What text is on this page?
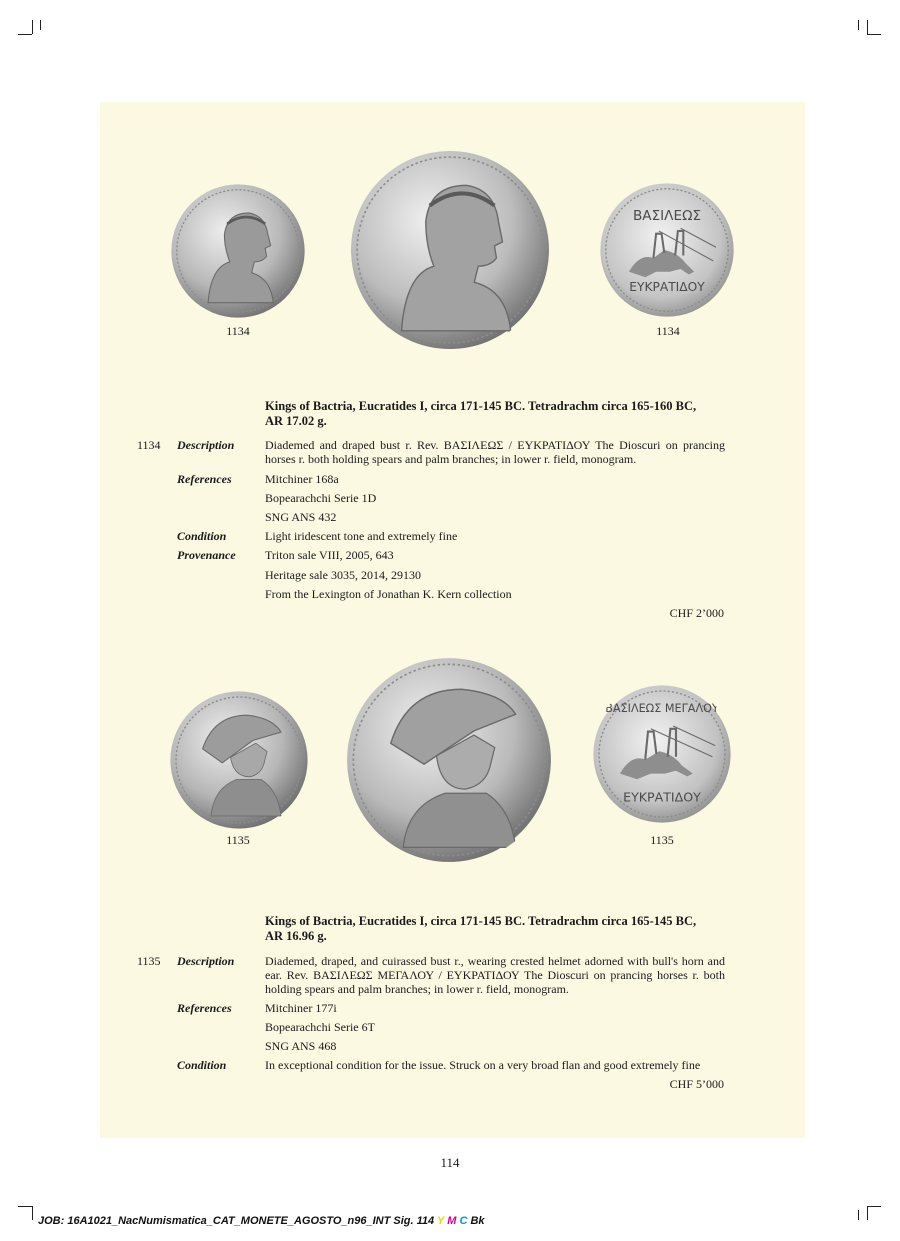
ΒΑΣΙΛΕΩΣ
ΕΥΚΡΑΤΙΔΟΥ
1134	1134
Kings of Bactria, Eucratides I, circa 171-145 BC. Tetradrachm circa 165-160 BC,
AR 17.02 g.
1134 Description	Diademed and draped bust r. Rev. ΒΑΣΙΛΕΩΣ / ΕΥΚΡΑΤΙΔΟΥ The Dioscuri on prancing horses r. both holding spears and palm branches; in lower r. field, monogram.
References	Mitchiner 168a
Bopearachchi Serie 1D
SNG ANS 432
Condition	Light iridescent tone and extremely fine
Provenance Triton sale VIII, 2005, 643
Heritage sale 3035, 2014, 29130
From the Lexington of Jonathan K. Kern collection
CHF 2’000
ΒΑΣΙΛΕΩΣ ΜΕΓΑΛΟΥ
ΕΥΚΡΑΤΙΔΟΥ
1135	1135
Kings of Bactria, Eucratides I, circa 171-145 BC. Tetradrachm circa 165-145 BC,
AR 16.96 g.
1135 Description	Diademed, draped, and cuirassed bust r., wearing crested helmet adorned with bull's horn and ear. Rev. ΒΑΣΙΛΕΩΣ ΜΕΓΑΛΟΥ / ΕΥΚΡΑΤΙΔΟΥ The Dioscuri on prancing horses r. both holding spears and palm branches; in lower r. field, monogram.
References	Mitchiner 177i
Bopearachchi Serie 6T
SNG ANS 468
Condition	In exceptional condition for the issue. Struck on a very broad flan and good extremely fine
CHF 5’000
114
JOB: 16A1021_NacNumismatica_CAT_MONETE_AGOSTO_n96_INT Sig. 114 Y M C Bk
